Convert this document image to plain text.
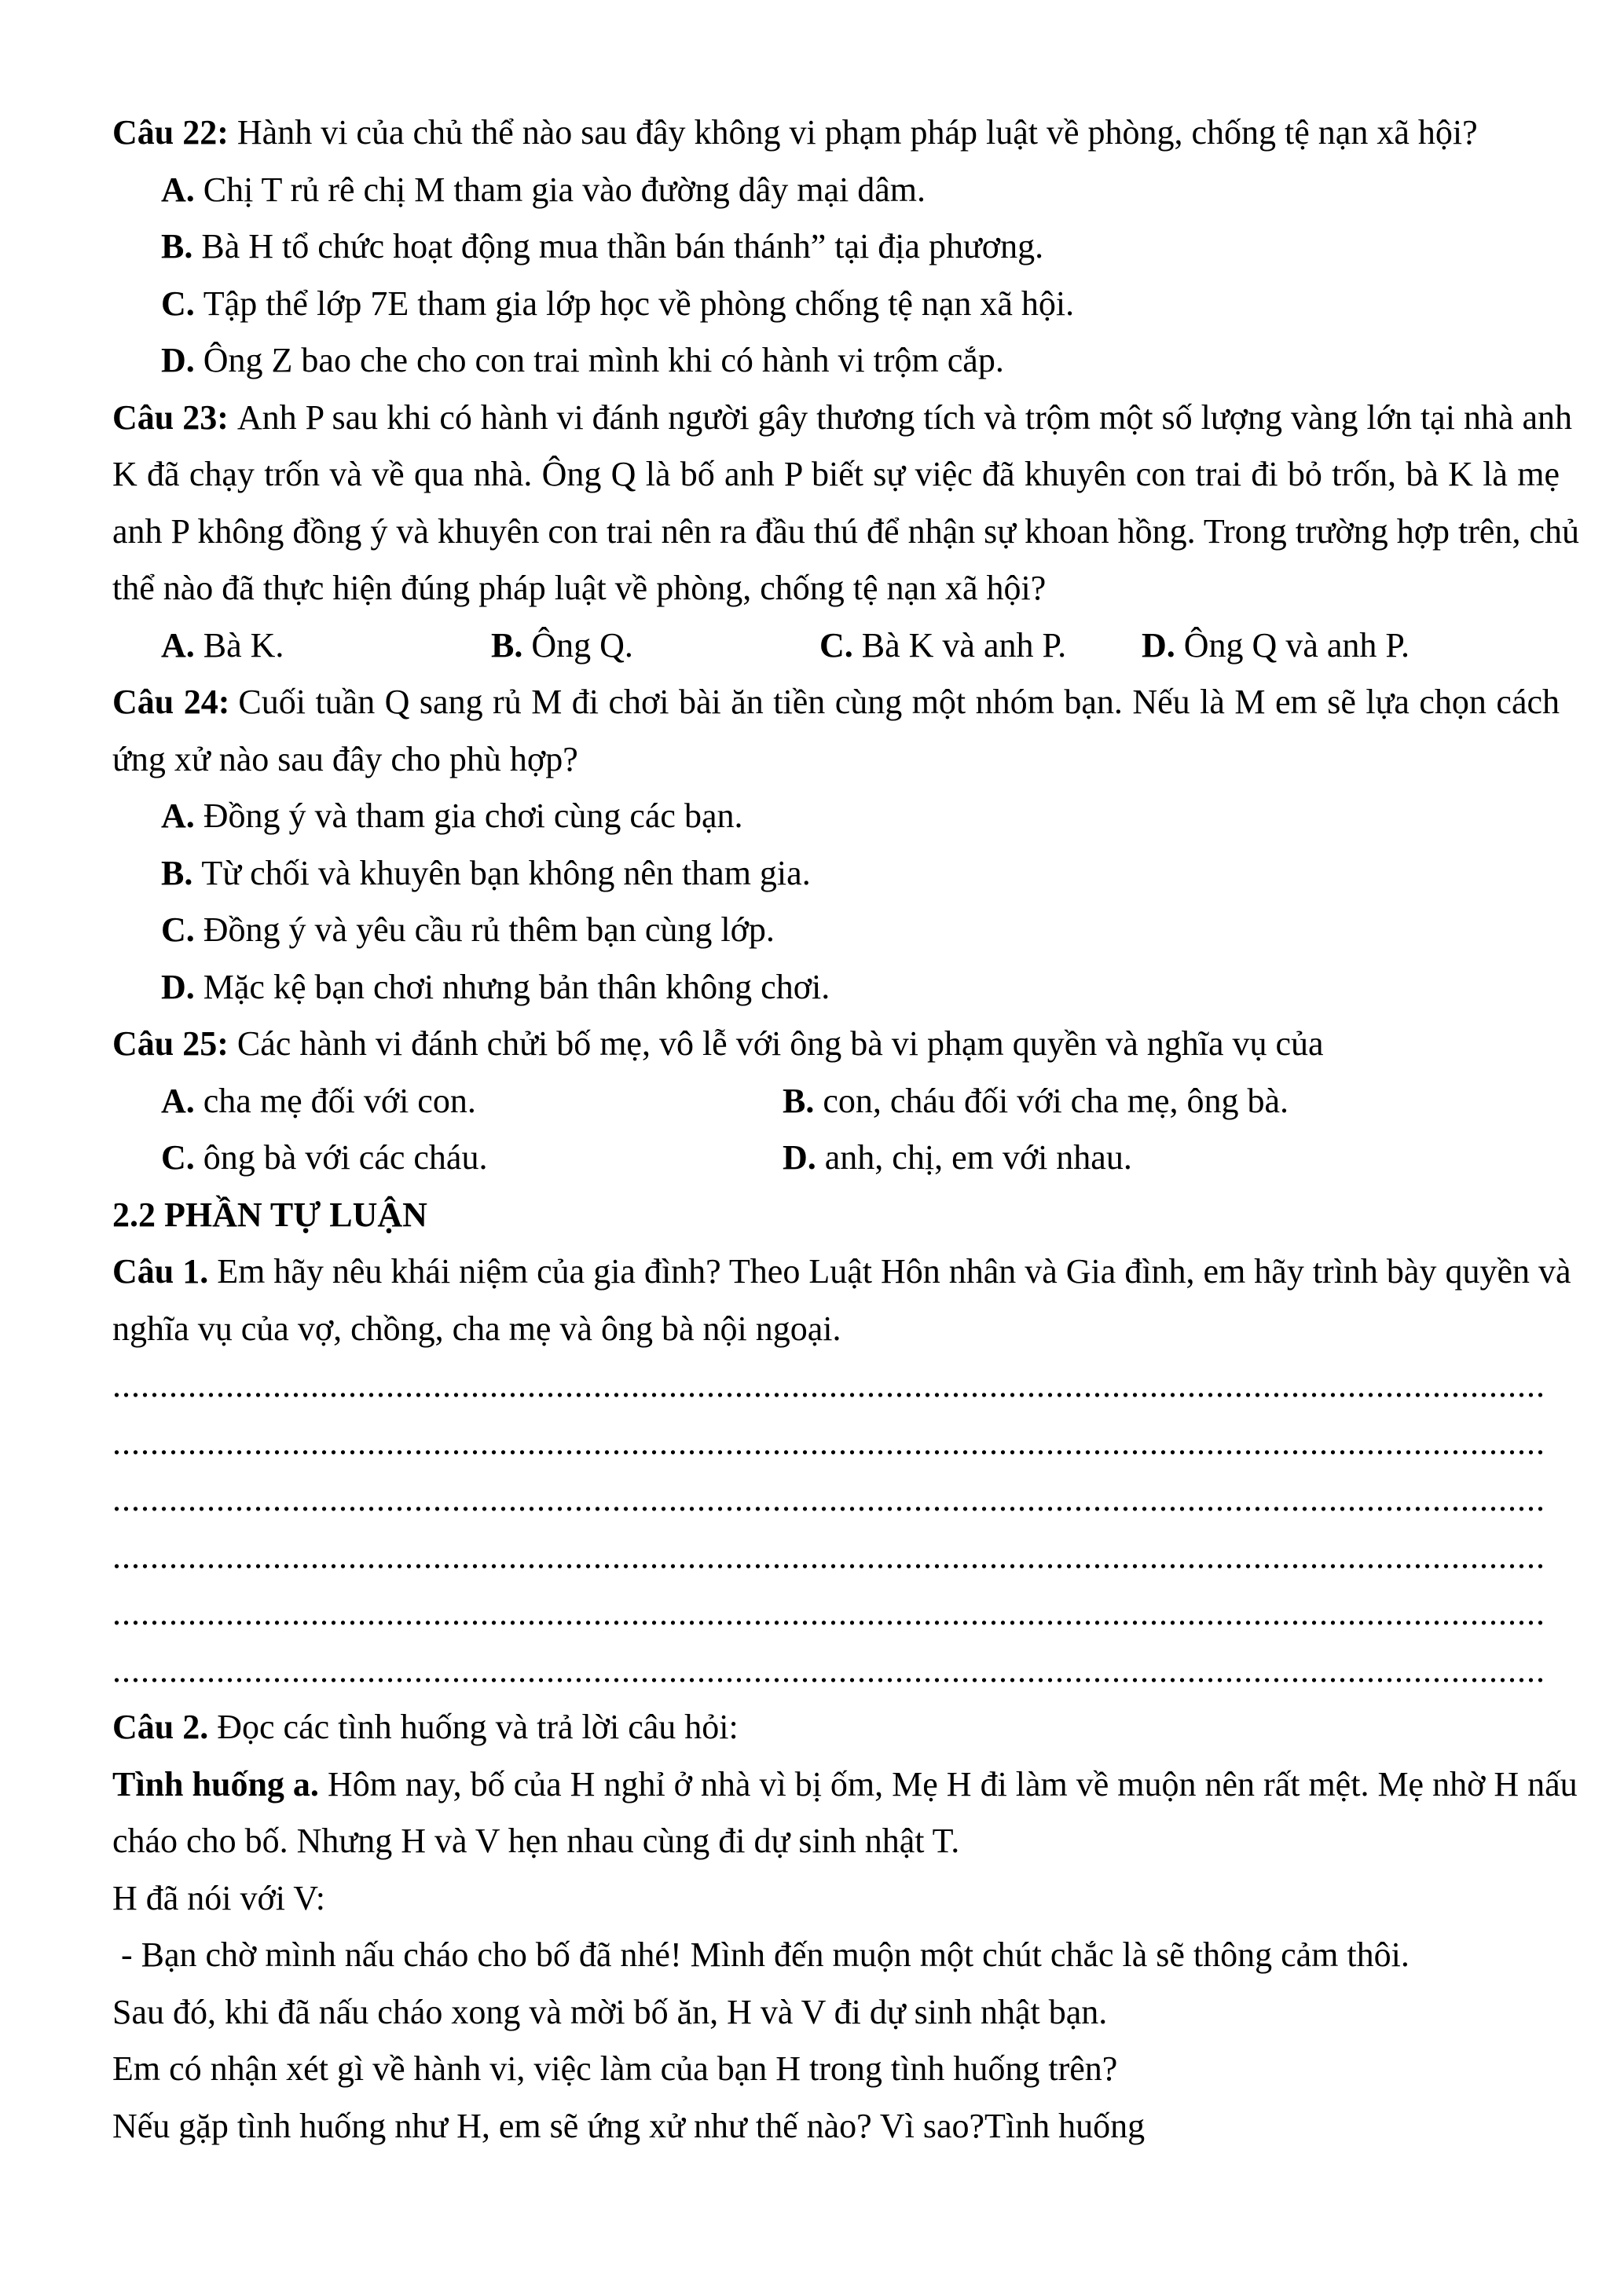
Câu 22: Hành vi của chủ thể nào sau đây không vi phạm pháp luật về phòng, chống tệ nạn xã hội?
A. Chị T rủ rê chị M tham gia vào đường dây mại dâm.
B. Bà H tổ chức hoạt động mua thần bán thánh” tại địa phương.
C. Tập thể lớp 7E tham gia lớp học về phòng chống tệ nạn xã hội.
D. Ông Z bao che cho con trai mình khi có hành vi trộm cắp.
Câu 23: Anh P sau khi có hành vi đánh người gây thương tích và trộm một số lượng vàng lớn tại nhà anh
K đã chạy trốn và về qua nhà. Ông Q là bố anh P biết sự việc đã khuyên con trai đi bỏ trốn, bà K là mẹ
anh P không đồng ý và khuyên con trai nên ra đầu thú để nhận sự khoan hồng. Trong trường hợp trên, chủ
thể nào đã thực hiện đúng pháp luật về phòng, chống tệ nạn xã hội?
A. Bà K.	B. Ông Q.	C. Bà K và anh P. D. Ông Q và anh P.
Câu 24: Cuối tuần Q sang rủ M đi chơi bài ăn tiền cùng một nhóm bạn. Nếu là M em sẽ lựa chọn cách
ứng xử nào sau đây cho phù hợp?
A. Đồng ý và tham gia chơi cùng các bạn.
B. Từ chối và khuyên bạn không nên tham gia.
C. Đồng ý và yêu cầu rủ thêm bạn cùng lớp.
D. Mặc kệ bạn chơi nhưng bản thân không chơi.
Câu 25: Các hành vi đánh chửi bố mẹ, vô lễ với ông bà vi phạm quyền và nghĩa vụ của
A. cha mẹ đối với con.	B. con, cháu đối với cha mẹ, ông bà.
C. ông bà với các cháu.	D. anh, chị, em với nhau.
2.2 PHẦN TỰ LUẬN
Câu 1. Em hãy nêu khái niệm của gia đình? Theo Luật Hôn nhân và Gia đình, em hãy trình bày quyền và
nghĩa vụ của vợ, chồng, cha mẹ và ông bà nội ngoại.
........................................................................................................................................................
........................................................................................................................................................
........................................................................................................................................................
........................................................................................................................................................
........................................................................................................................................................
........................................................................................................................................................
Câu 2. Đọc các tình huống và trả lời câu hỏi:
Tình huống a. Hôm nay, bố của H nghỉ ở nhà vì bị ốm, Mẹ H đi làm về muộn nên rất mệt. Mẹ nhờ H nấu
cháo cho bố. Nhưng H và V hẹn nhau cùng đi dự sinh nhật T.
H đã nói với V:
- Bạn chờ mình nấu cháo cho bố đã nhé! Mình đến muộn một chút chắc là sẽ thông cảm thôi.
Sau đó, khi đã nấu cháo xong và mời bố ăn, H và V đi dự sinh nhật bạn.
Em có nhận xét gì về hành vi, việc làm của bạn H trong tình huống trên?
Nếu gặp tình huống như H, em sẽ ứng xử như thế nào? Vì sao?Tình huống
